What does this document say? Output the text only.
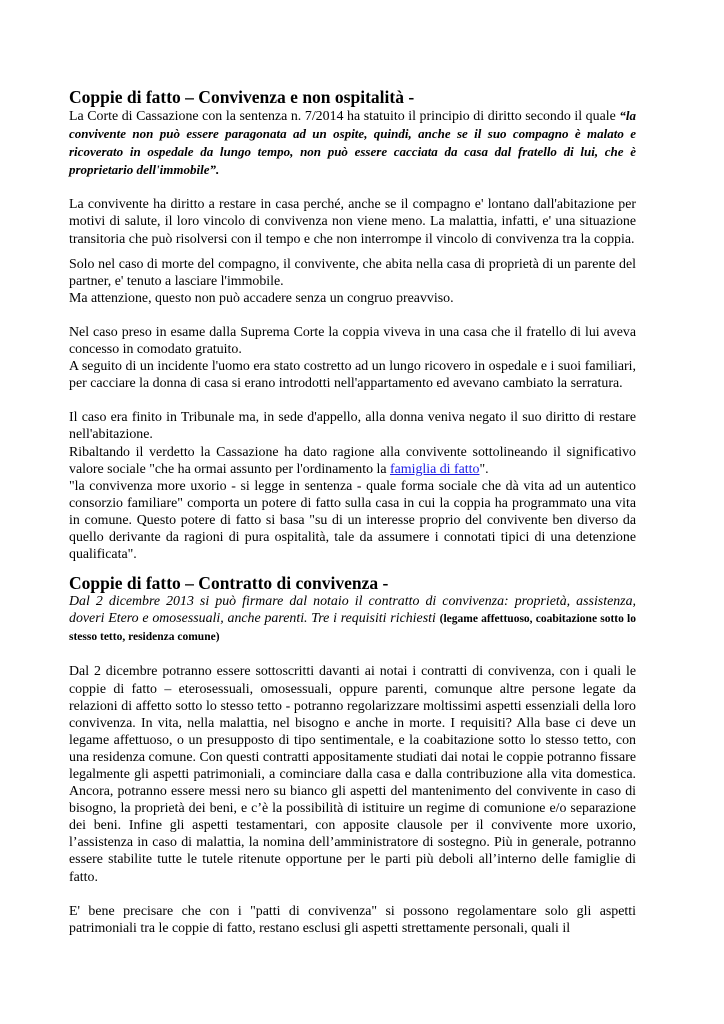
Coppie di fatto – Convivenza e non ospitalità -

La Corte di Cassazione con la sentenza n. 7/2014 ha statuito il principio di diritto secondo il quale “la convivente non può essere paragonata ad un ospite, quindi, anche se il suo compagno è malato e ricoverato in ospedale da lungo tempo, non può essere cacciata da casa dal fratello di lui, che è proprietario dell'immobile”.

La convivente ha diritto a restare in casa perché, anche se il compagno e' lontano dall'abitazione per motivi di salute, il loro vincolo di convivenza non viene meno. La malattia, infatti, e' una situazione transitoria che può risolversi con il tempo e che non interrompe il vincolo di convivenza tra la coppia.

Solo nel caso di morte del compagno, il convivente, che abita nella casa di proprietà di un parente del partner, e' tenuto a lasciare l'immobile.

Ma attenzione, questo non può accadere senza un congruo preavviso.

Nel caso preso in esame dalla Suprema Corte la coppia viveva in una casa che il fratello di lui aveva concesso in comodato gratuito.

A seguito di un incidente l'uomo era stato costretto ad un lungo ricovero in ospedale e i suoi familiari, per cacciare la donna di casa si erano introdotti nell'appartamento ed avevano cambiato la serratura.

Il caso era finito in Tribunale ma, in sede d'appello, alla donna veniva negato il suo diritto di restare nell'abitazione.

Ribaltando il verdetto la Cassazione ha dato ragione alla convivente sottolineando il significativo valore sociale "che ha ormai assunto per l'ordinamento la famiglia di fatto".

"la convivenza more uxorio - si legge in sentenza - quale forma sociale che dà vita ad un autentico consorzio familiare" comporta un potere di fatto sulla casa in cui la coppia ha programmato una vita in comune. Questo potere di fatto si basa "su di un interesse proprio del convivente ben diverso da quello derivante da ragioni di pura ospitalità, tale da assumere i connotati tipici di una detenzione qualificata".

Coppie di fatto – Contratto di convivenza -

Dal 2 dicembre 2013 si può firmare dal notaio il contratto di convivenza: proprietà, assistenza, doveri Etero e omosessuali, anche parenti. Tre i requisiti richiesti (legame affettuoso, coabitazione sotto lo stesso tetto, residenza comune)

Dal 2 dicembre potranno essere sottoscritti davanti ai notai i contratti di convivenza, con i quali le coppie di fatto – eterosessuali, omosessuali, oppure parenti, comunque altre persone legate da relazioni di affetto sotto lo stesso tetto - potranno regolarizzare moltissimi aspetti essenziali della loro convivenza. In vita, nella malattia, nel bisogno e anche in morte. I requisiti? Alla base ci deve un legame affettuoso, o un presupposto di tipo sentimentale, e la coabitazione sotto lo stesso tetto, con una residenza comune. Con questi contratti appositamente studiati dai notai le coppie potranno fissare legalmente gli aspetti patrimoniali, a cominciare dalla casa e dalla contribuzione alla vita domestica. Ancora, potranno essere messi nero su bianco gli aspetti del mantenimento del convivente in caso di bisogno, la proprietà dei beni, e c’è la possibilità di istituire un regime di comunione e/o separazione dei beni. Infine gli aspetti testamentari, con apposite clausole per il convivente more uxorio, l’assistenza in caso di malattia, la nomina dell’amministratore di sostegno. Più in generale, potranno essere stabilite tutte le tutele ritenute opportune per le parti più deboli all’interno delle famiglie di fatto.

E' bene precisare che con i "patti di convivenza" si possono regolamentare solo gli aspetti patrimoniali tra le coppie di fatto, restano esclusi gli aspetti strettamente personali, quali il
